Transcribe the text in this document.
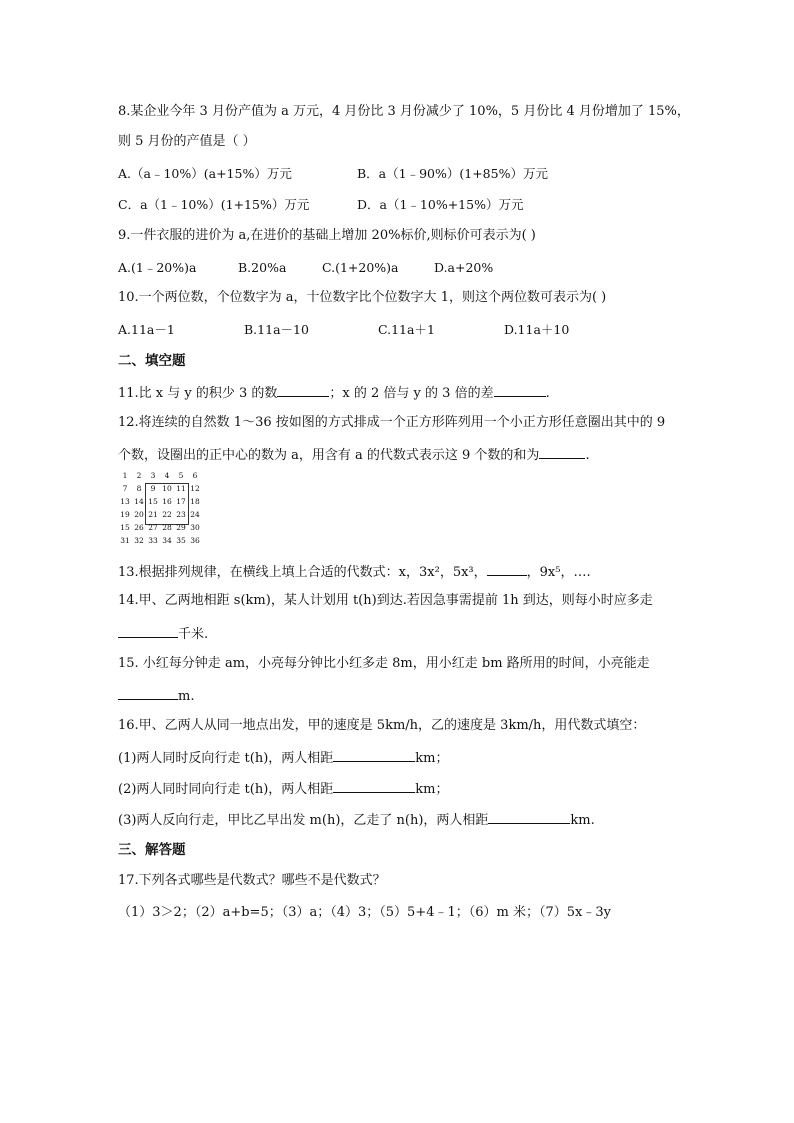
8.某企业今年 3 月份产值为 a 万元，4 月份比 3 月份减少了 10%，5 月份比 4 月份增加了 15%，
则 5 月份的产值是（ ）
A.（a﹣10%）(a+15%）万元	B．a（1﹣90%）(1+85%）万元
C．a（1﹣10%）(1+15%）万元	D．a（1﹣10%+15%）万元
9.一件衣服的进价为 a,在进价的基础上增加 20%标价,则标价可表示为( )
A.(1﹣20%)a	B.20%a	C.(1+20%)a	D.a+20%
10.一个两位数，个位数字为 a，十位数字比个位数字大 1，则这个两位数可表示为( )
A.11a－1	B.11a－10	C.11a＋1	D.11a＋10
二、填空题
11.比 x 与 y 的积少 3 的数	；x 的 2 倍与 y 的 3 倍的差	.
12.将连续的自然数 1～36 按如图的方式排成一个正方形阵列用一个小正方形任意圈出其中的 9
个数，设圈出的正中心的数为 a，用含有 a 的代数式表示这 9 个数的和为	.
1	2	3	4	5	6
7	8	9 10 11 12
13 14 15 16 17 18
19 20 21 22 23 24
15 26 27 28 29 30
31 32 33 34 35 36
13.根据排列规律，在横线上填上合适的代数式：x，3x²，5x³，	，9x⁵，….
14.甲、乙两地相距 s(km)，某人计划用 t(h)到达.若因急事需提前 1h 到达，则每小时应多走
千米.
15. 小红每分钟走 am，小亮每分钟比小红多走 8m，用小红走 bm 路所用的时间，小亮能走
m.
16.甲、乙两人从同一地点出发，甲的速度是 5km/h，乙的速度是 3km/h，用代数式填空：
(1)两人同时反向行走 t(h)，两人相距	km；
(2)两人同时同向行走 t(h)，两人相距	km；
(3)两人反向行走，甲比乙早出发 m(h)，乙走了 n(h)，两人相距	km.
三、解答题
17.下列各式哪些是代数式？哪些不是代数式？
（1）3＞2；（2）a+b=5；（3）a；（4）3；（5）5+4﹣1；（6）m 米；（7）5x﹣3y
